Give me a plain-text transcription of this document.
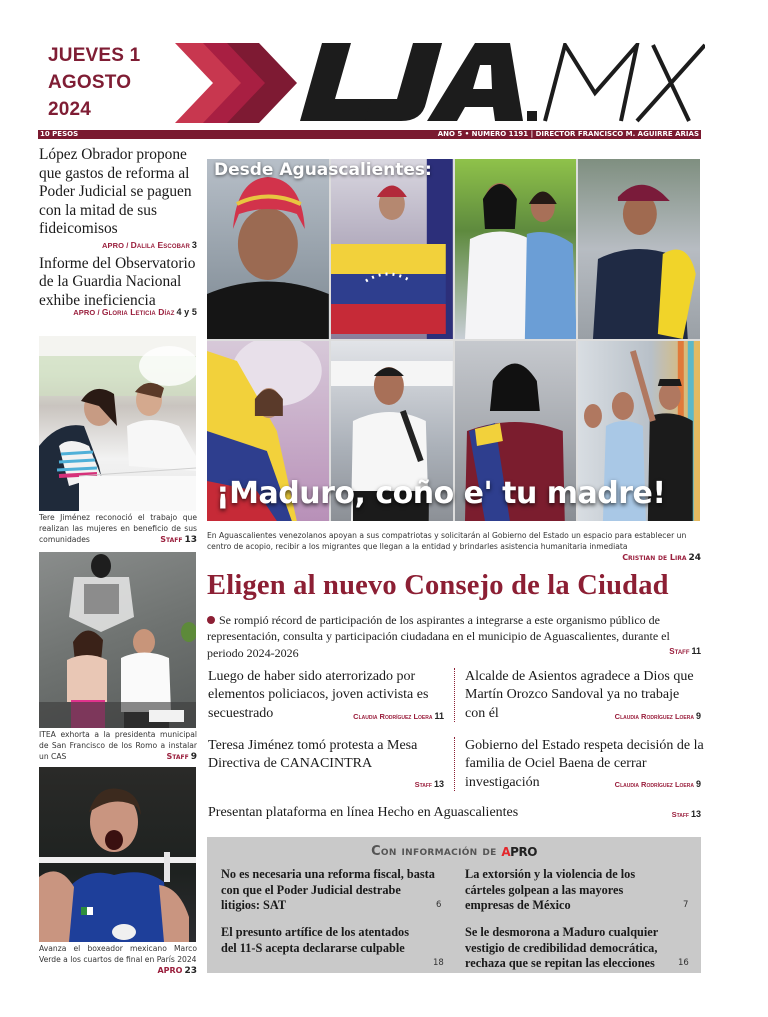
JUEVES 1
AGOSTO
2024
10 PESOS	AÑO 5 • NÚMERO 1191 | DIRECTOR FRANCISCO M. AGUIRRE ARIAS
López Obrador propone que gastos de reforma al Poder Judicial se paguen con la mitad de sus fideicomisos
APRO / Dalila Escobar 3
Informe del Observatorio de la Guardia Nacional exhibe ineficiencia
APRO / Gloria Leticia Díaz 4 y 5
Tere Jiménez reconoció el trabajo que realizan las mujeres en beneficio de sus comunidades	Staff 13
ITEA exhorta a la presidenta municipal de San Francisco de los Romo a instalar un CAS	Staff 9
Avanza el boxeador mexicano Marco Verde a los cuartos de final en París 2024
APRO 23
Desde Aguascalientes:
¡Maduro, coño e' tu madre!
En Aguascalientes venezolanos apoyan a sus compatriotas y solicitarán al Gobierno del Estado un espacio para establecer un centro de acopio, recibir a los migrantes que llegan a la entidad y brindarles asistencia humanitaria inmediata
Cristian de Lira 24
Eligen al nuevo Consejo de la Ciudad
Se rompió récord de participación de los aspirantes a integrarse a este organismo público de representación, consulta y participación ciudadana en el municipio de Aguascalientes, durante el periodo 2024-2026	Staff 11
Luego de haber sido aterrorizado por elementos policiacos, joven activista es secuestrado	Claudia Rodríguez Loera 11
Alcalde de Asientos agradece a Dios que Martín Orozco Sandoval ya no trabaje con él	Claudia Rodríguez Loera 9
Teresa Jiménez tomó protesta a Mesa Directiva de CANACINTRA
Staff 13
Gobierno del Estado respeta decisión de la familia de Ociel Baena de cerrar investigación	Claudia Rodríguez Loera 9
Presentan plataforma en línea Hecho en Aguascalientes	Staff 13
Con información de apro
No es necesaria una reforma fiscal, basta con que el Poder Judicial destrabe litigios: SAT	6
La extorsión y la violencia de los cárteles golpean a las mayores empresas de México	7
El presunto artífice de los atentados del 11-S acepta declararse culpable
18
Se le desmorona a Maduro cualquier vestigio de credibilidad democrática, rechaza que se repitan las elecciones	16
